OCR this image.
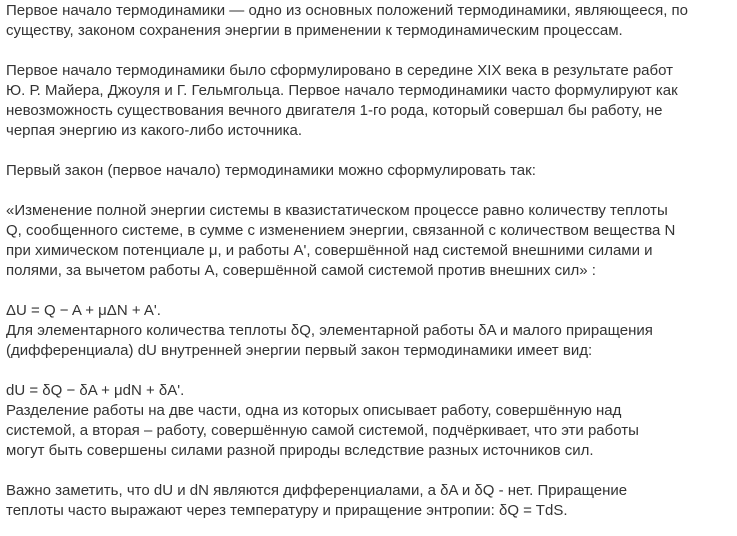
Первое начало термодинамики — одно из основных положений термодинамики, являющееся, по
существу, законом сохранения энергии в применении к термодинамическим процессам.

Первое начало термодинамики было сформулировано в середине XIX века в результате работ
Ю. Р. Майера, Джоуля и Г. Гельмгольца. Первое начало термодинамики часто формулируют как
невозможность существования вечного двигателя 1-го рода, который совершал бы работу, не
черпая энергию из какого-либо источника.

Первый закон (первое начало) термодинамики можно сформулировать так:

«Изменение полной энергии системы в квазистатическом процессе равно количеству теплоты
Q, сообщенного системе, в сумме с изменением энергии, связанной с количеством вещества N
при химическом потенциале μ, и работы A', совершённой над системой внешними силами и
полями, за вычетом работы А, совершённой самой системой против внешних сил» :

ΔU = Q − A + μΔN + A'.
Для элементарного количества теплоты δQ, элементарной работы δA и малого приращения
(дифференциала) dU внутренней энергии первый закон термодинамики имеет вид:

dU = δQ − δA + μdN + δA'.
Разделение работы на две части, одна из которых описывает работу, совершённую над
системой, а вторая – работу, совершённую самой системой, подчёркивает, что эти работы
могут быть совершены силами разной природы вследствие разных источников сил.

Важно заметить, что dU и dN являются дифференциалами, а δA и δQ - нет. Приращение
теплоты часто выражают через температуру и приращение энтропии: δQ = TdS.
